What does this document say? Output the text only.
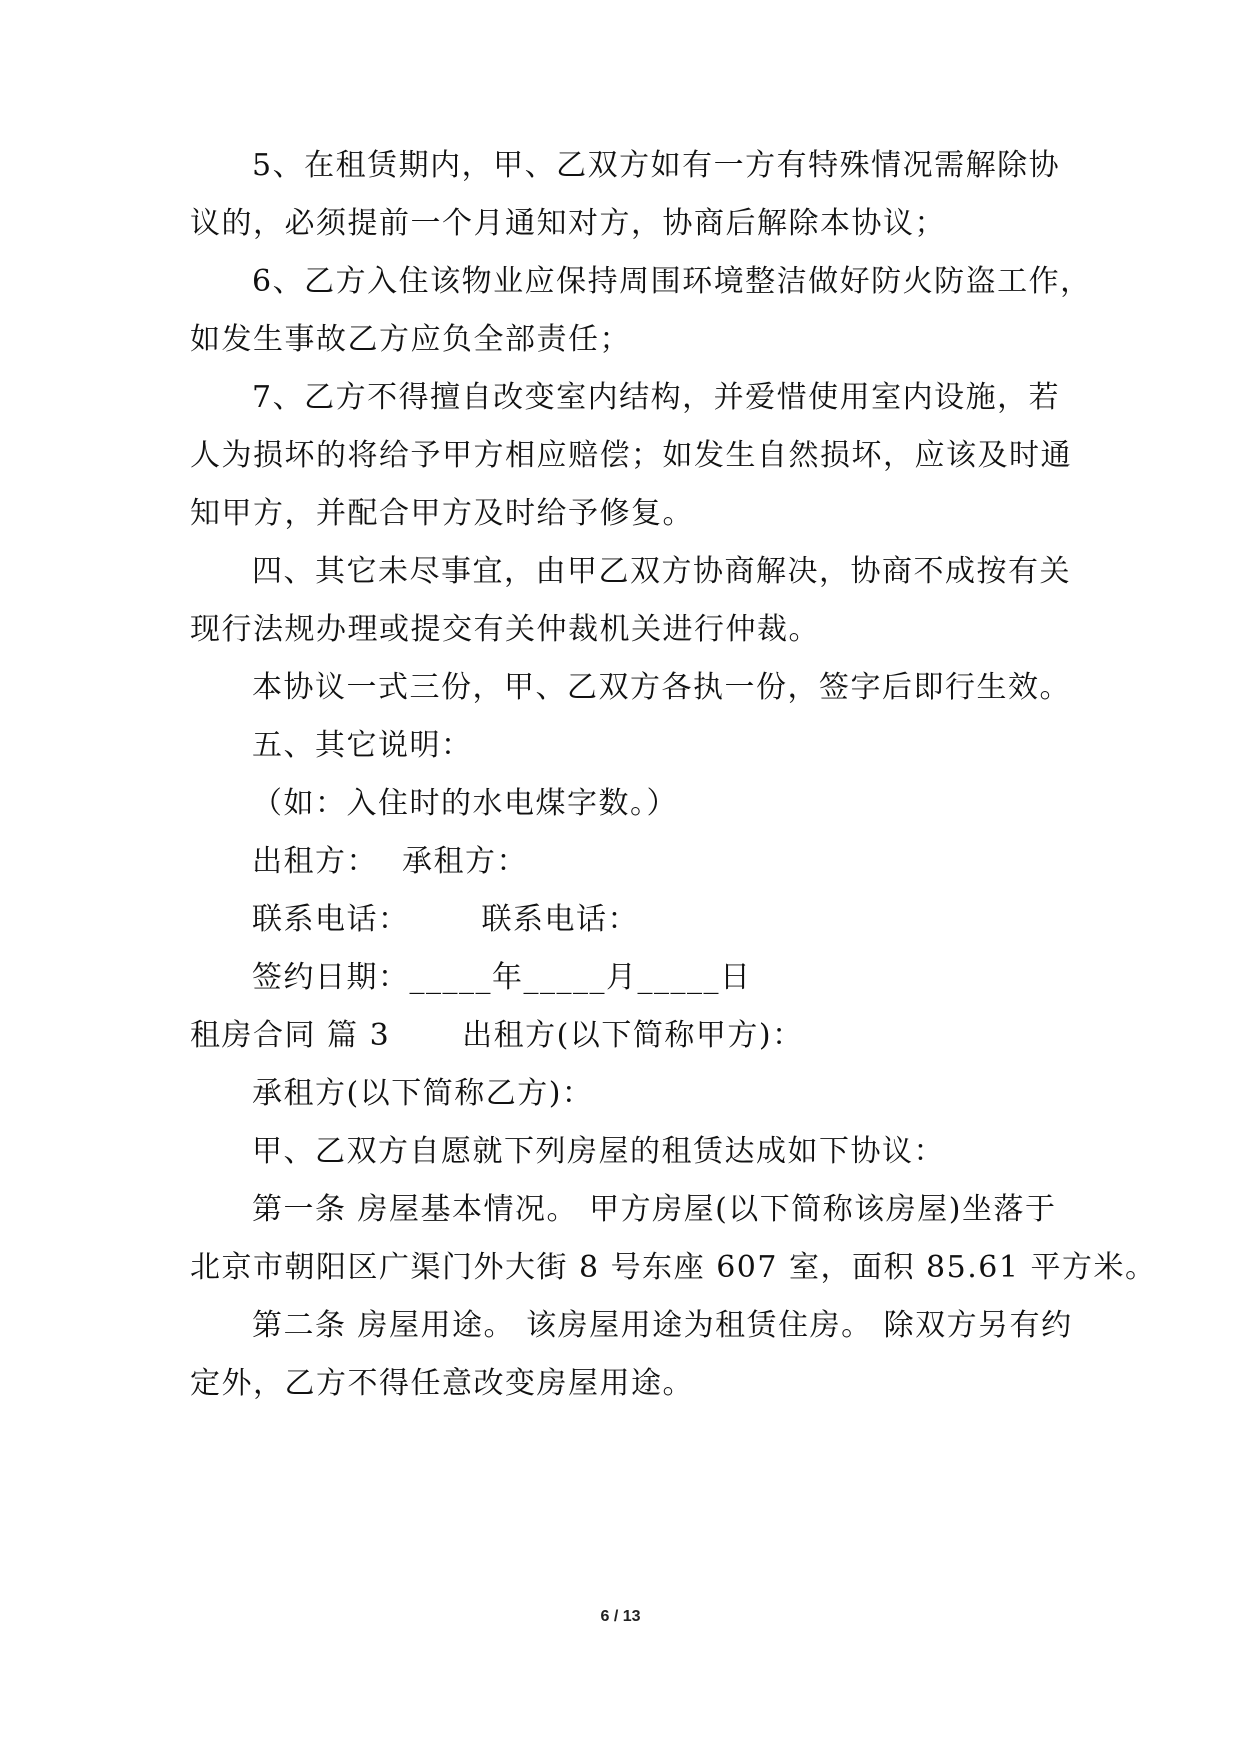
5、在租赁期内，甲、乙双方如有一方有特殊情况需解除协
议的，必须提前一个月通知对方，协商后解除本协议；
6、乙方入住该物业应保持周围环境整洁做好防火防盗工作，
如发生事故乙方应负全部责任；
7、乙方不得擅自改变室内结构，并爱惜使用室内设施，若
人为损坏的将给予甲方相应赔偿；如发生自然损坏，应该及时通
知甲方，并配合甲方及时给予修复。
四、其它未尽事宜，由甲乙双方协商解决，协商不成按有关
现行法规办理或提交有关仲裁机关进行仲裁。
本协议一式三份，甲、乙双方各执一份，签字后即行生效。
五、其它说明：
（如：入住时的水电煤字数。）
出租方： 承租方：
联系电话： 联系电话：
签约日期：_____年_____月_____日
租房合同 篇 3 出租方(以下简称甲方)：
承租方(以下简称乙方)：
甲、乙双方自愿就下列房屋的租赁达成如下协议：
第一条 房屋基本情况。 甲方房屋(以下简称该房屋)坐落于
北京市朝阳区广渠门外大街 8 号东座 607 室，面积 85.61 平方米。
第二条 房屋用途。 该房屋用途为租赁住房。 除双方另有约
定外，乙方不得任意改变房屋用途。
6 / 13
